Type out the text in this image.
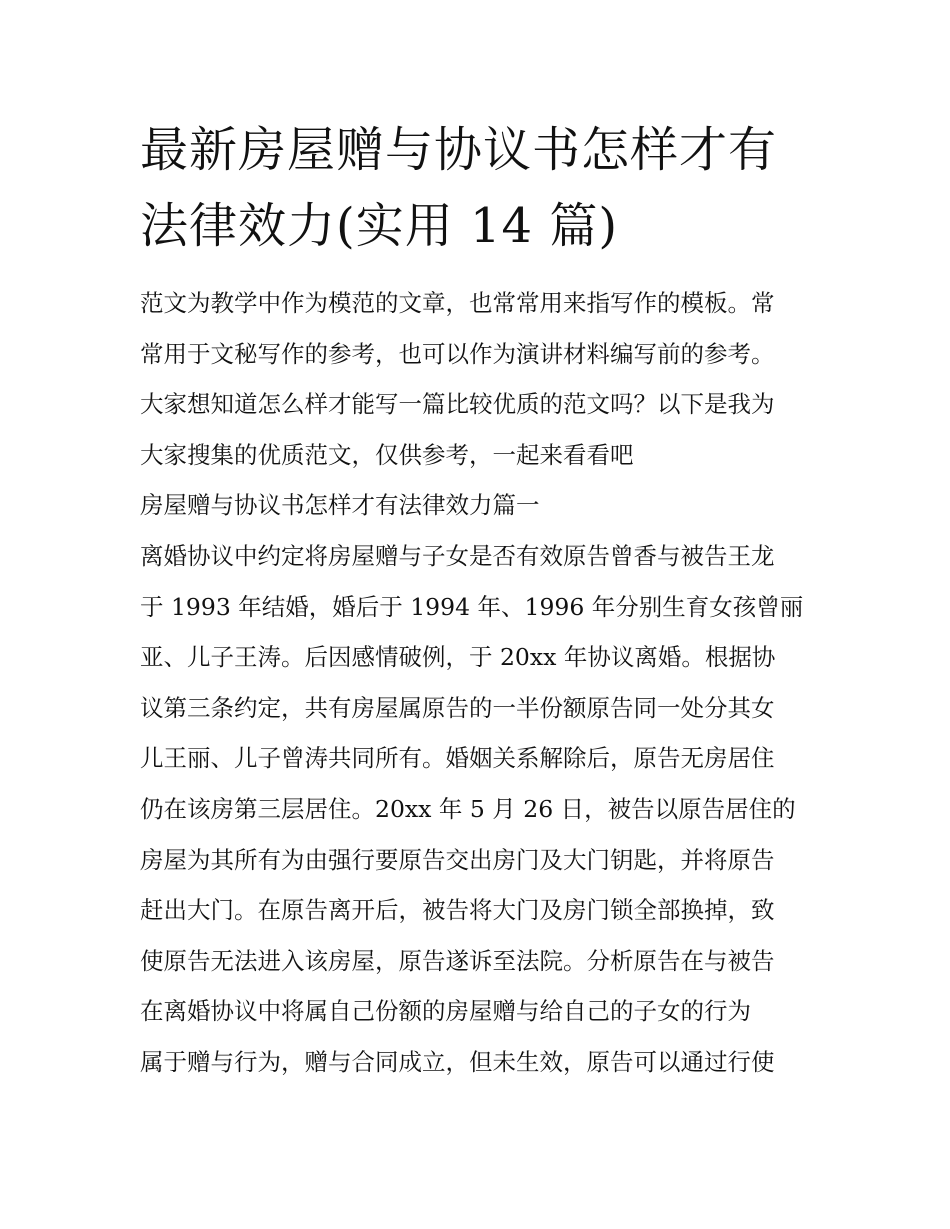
最新房屋赠与协议书怎样才有
法律效力(实用 14 篇)
范文为教学中作为模范的文章，也常常用来指写作的模板。常
常用于文秘写作的参考，也可以作为演讲材料编写前的参考。
大家想知道怎么样才能写一篇比较优质的范文吗？以下是我为
大家搜集的优质范文，仅供参考，一起来看看吧
房屋赠与协议书怎样才有法律效力篇一
离婚协议中约定将房屋赠与子女是否有效原告曾香与被告王龙
于 1993 年结婚，婚后于 1994 年、1996 年分别生育女孩曾丽
亚、儿子王涛。后因感情破例，于 20xx 年协议离婚。根据协
议第三条约定，共有房屋属原告的一半份额原告同一处分其女
儿王丽、儿子曾涛共同所有。婚姻关系解除后，原告无房居住
仍在该房第三层居住。20xx 年 5 月 26 日，被告以原告居住的
房屋为其所有为由强行要原告交出房门及大门钥匙，并将原告
赶出大门。在原告离开后，被告将大门及房门锁全部换掉，致
使原告无法进入该房屋，原告遂诉至法院。分析原告在与被告
在离婚协议中将属自己份额的房屋赠与给自己的子女的行为
属于赠与行为，赠与合同成立，但未生效，原告可以通过行使
